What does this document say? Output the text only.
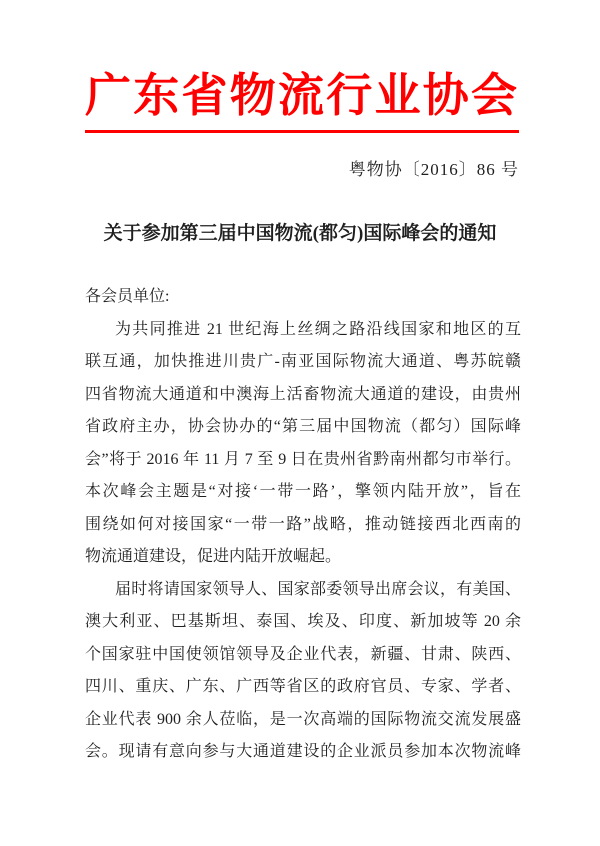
广东省物流行业协会
粤物协〔2016〕86 号
关于参加第三届中国物流(都匀)国际峰会的通知
各会员单位:
为共同推进 21 世纪海上丝绸之路沿线国家和地区的互
联互通，加快推进川贵广-南亚国际物流大通道、粤苏皖赣
四省物流大通道和中澳海上活畜物流大通道的建设，由贵州
省政府主办，协会协办的“第三届中国物流（都匀）国际峰
会”将于 2016 年 11 月 7 至 9 日在贵州省黔南州都匀市举行。
本次峰会主题是“对接‘一带一路’，擎领内陆开放”，旨在
围绕如何对接国家“一带一路”战略，推动链接西北西南的
物流通道建设，促进内陆开放崛起。
届时将请国家领导人、国家部委领导出席会议，有美国、
澳大利亚、巴基斯坦、泰国、埃及、印度、新加坡等 20 余
个国家驻中国使领馆领导及企业代表，新疆、甘肃、陕西、
四川、重庆、广东、广西等省区的政府官员、专家、学者、
企业代表 900 余人莅临，是一次高端的国际物流交流发展盛
会。现请有意向参与大通道建设的企业派员参加本次物流峰
